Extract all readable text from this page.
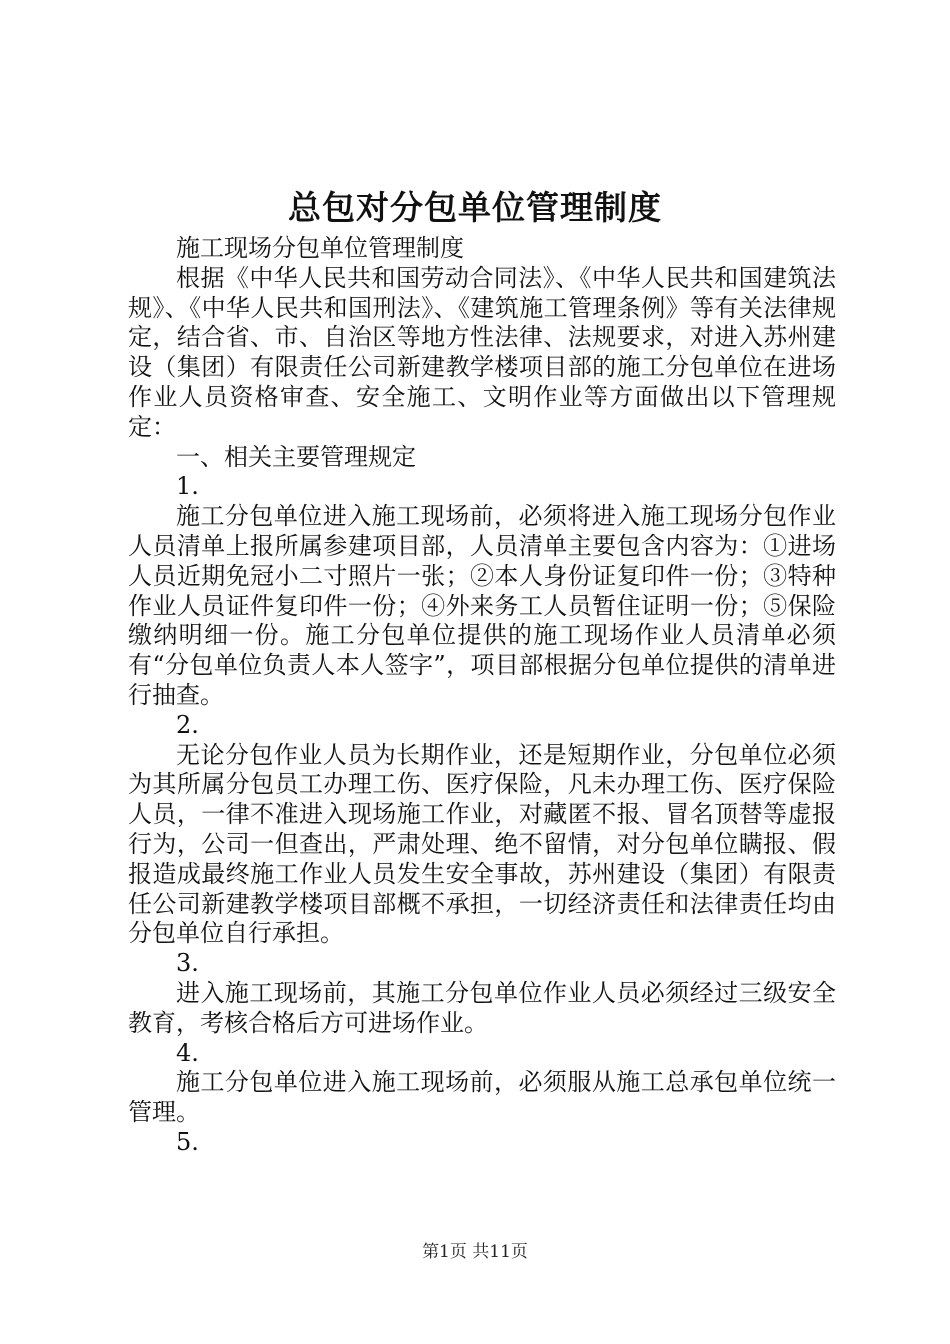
总包对分包单位管理制度

施工现场分包单位管理制度

根据《中华人民共和国劳动合同法》、《中华人民共和国建筑法规》、《中华人民共和国刑法》、《建筑施工管理条例》等有关法律规定，结合省、市、自治区等地方性法律、法规要求，对进入苏州建设（集团）有限责任公司新建教学楼项目部的施工分包单位在进场作业人员资格审查、安全施工、文明作业等方面做出以下管理规定：

一、相关主要管理规定

1.

施工分包单位进入施工现场前，必须将进入施工现场分包作业人员清单上报所属参建项目部，人员清单主要包含内容为：①进场人员近期免冠小二寸照片一张；②本人身份证复印件一份；③特种作业人员证件复印件一份；④外来务工人员暂住证明一份；⑤保险缴纳明细一份。施工分包单位提供的施工现场作业人员清单必须有“分包单位负责人本人签字”，项目部根据分包单位提供的清单进行抽查。

2.

无论分包作业人员为长期作业，还是短期作业，分包单位必须为其所属分包员工办理工伤、医疗保险，凡未办理工伤、医疗保险人员，一律不准进入现场施工作业，对藏匿不报、冒名顶替等虚报行为，公司一但查出，严肃处理、绝不留情，对分包单位瞒报、假报造成最终施工作业人员发生安全事故，苏州建设（集团）有限责任公司新建教学楼项目部概不承担，一切经济责任和法律责任均由分包单位自行承担。

3.

进入施工现场前，其施工分包单位作业人员必须经过三级安全教育，考核合格后方可进场作业。

4.

施工分包单位进入施工现场前，必须服从施工总承包单位统一管理。

5.

第1页 共11页
